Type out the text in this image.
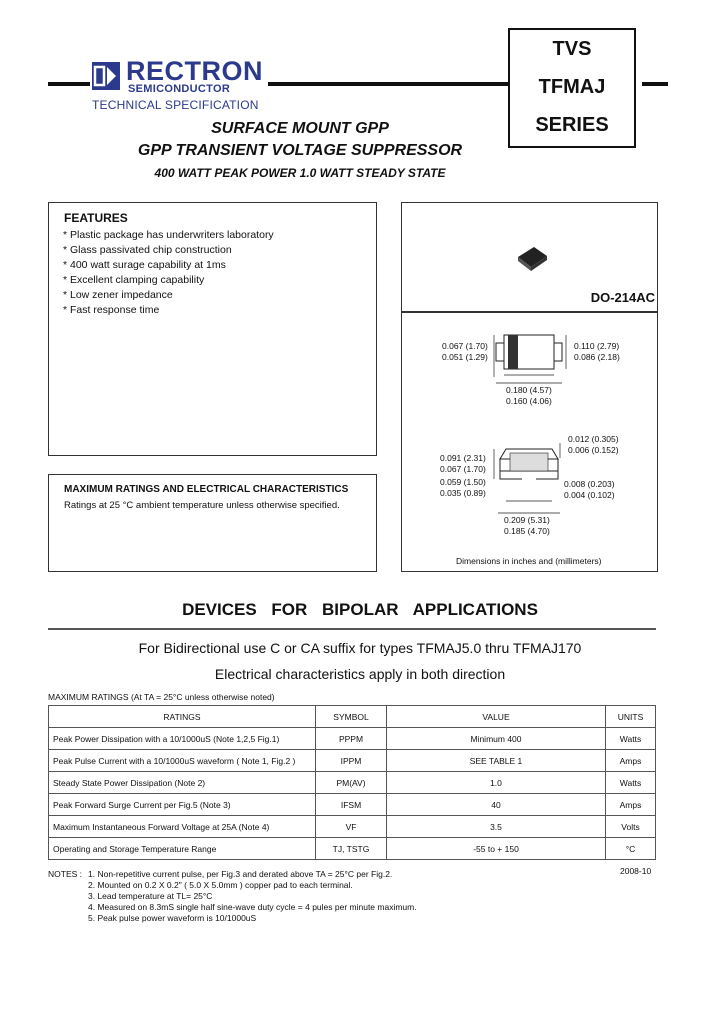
RECTRON
SEMICONDUCTOR
TECHNICAL SPECIFICATION
TVS
TFMAJ
SERIES
SURFACE MOUNT GPP
GPP TRANSIENT VOLTAGE SUPPRESSOR
400 WATT PEAK POWER 1.0 WATT STEADY STATE
FEATURES
* Plastic package has underwriters laboratory
* Glass passivated chip construction
* 400 watt surage capability at 1ms
* Excellent clamping capability
* Low zener impedance
* Fast response time
MAXIMUM RATINGS AND ELECTRICAL CHARACTERISTICS
Ratings at 25 °C ambient temperature unless otherwise specified.
DO-214AC
0.067 (1.70)
0.051 (1.29)
0.110 (2.79)
0.086 (2.18)
0.180 (4.57)
0.160 (4.06)
0.012 (0.305)
0.006 (0.152)
0.091 (2.31)
0.067 (1.70)
0.059 (1.50)
0.035 (0.89)
0.008 (0.203)
0.004 (0.102)
0.209 (5.31)
0.185 (4.70)
Dimensions in inches and (millimeters)
DEVICES FOR BIPOLAR APPLICATIONS
For Bidirectional use C or CA suffix for types TFMAJ5.0 thru TFMAJ170
Electrical characteristics apply in both direction
MAXIMUM RATINGS (At TA = 25°C unless otherwise noted)
RATINGS	SYMBOL	VALUE	UNITS
Peak Power Dissipation with a 10/1000uS (Note 1,2,5 Fig.1)	PPPM	Minimum 400	Watts
Peak Pulse Current with a 10/1000uS waveform ( Note 1, Fig.2 )	IPPM	SEE TABLE 1	Amps
Steady State Power Dissipation (Note 2)	PM(AV)	1.0	Watts
Peak Forward Surge Current per Fig.5 (Note 3)	IFSM	40	Amps
Maximum Instantaneous Forward Voltage at 25A (Note 4)	VF	3.5	Volts
Operating and Storage Temperature Range	TJ, TSTG	-55 to + 150	°C
NOTES : 1. Non-repetitive current pulse, per Fig.3 and derated above TA = 25°C per Fig.2.
2. Mounted on 0.2 X 0.2" ( 5.0 X 5.0mm ) copper pad to each terminal.
3. Lead temperature at TL= 25°C
4. Measured on 8.3mS single half sine-wave duty cycle = 4 pules per minute maximum.
5. Peak pulse power waveform is 10/1000uS
2008-10
